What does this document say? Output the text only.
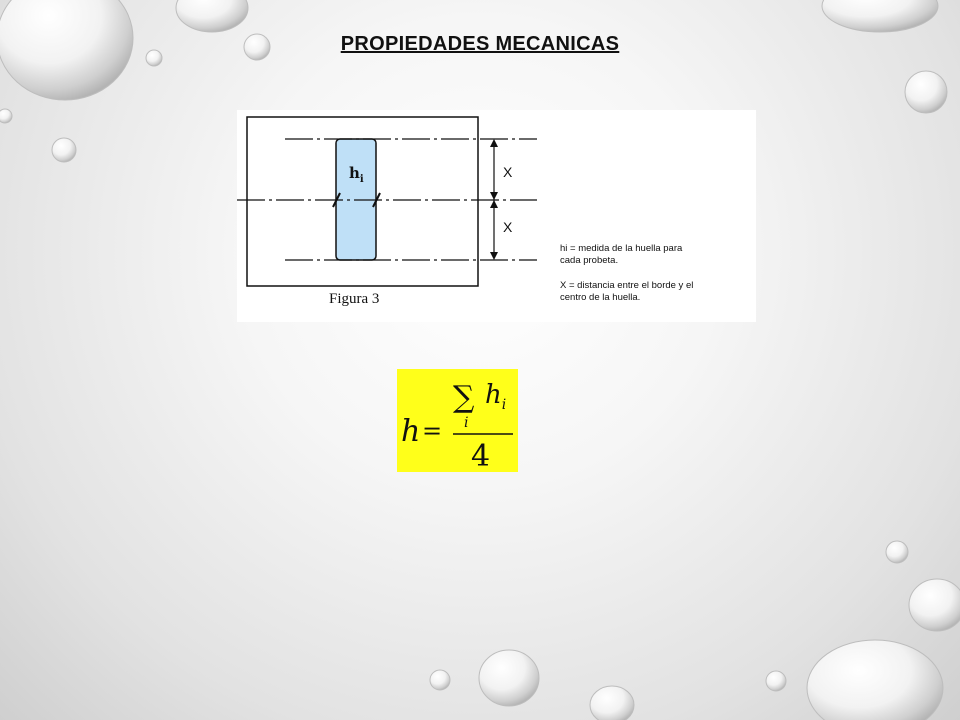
PROPIEDADES MECANICAS
$h_i$	X
X
Figura 3
hi = medida de la huella para
cada probeta.
X = distancia entre el borde y el
centro de la huella.
h =
∑
i
$h_i$
4
